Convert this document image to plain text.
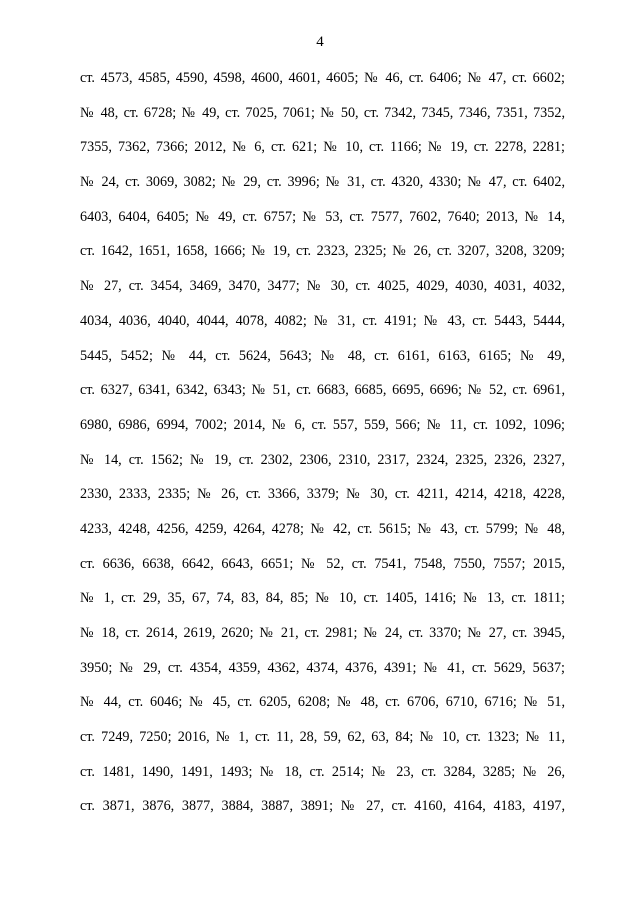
4
ст. 4573, 4585, 4590, 4598, 4600, 4601, 4605; № 46, ст. 6406; № 47, ст. 6602;
№ 48, ст. 6728; № 49, ст. 7025, 7061; № 50, ст. 7342, 7345, 7346, 7351, 7352,
7355, 7362, 7366; 2012, № 6, ст. 621; № 10, ст. 1166; № 19, ст. 2278, 2281;
№ 24, ст. 3069, 3082; № 29, ст. 3996; № 31, ст. 4320, 4330; № 47, ст. 6402,
6403, 6404, 6405; № 49, ст. 6757; № 53, ст. 7577, 7602, 7640; 2013, № 14,
ст. 1642, 1651, 1658, 1666; № 19, ст. 2323, 2325; № 26, ст. 3207, 3208, 3209;
№ 27, ст. 3454, 3469, 3470, 3477; № 30, ст. 4025, 4029, 4030, 4031, 4032,
4034, 4036, 4040, 4044, 4078, 4082; № 31, ст. 4191; № 43, ст. 5443, 5444,
5445, 5452; № 44, ст. 5624, 5643; № 48, ст. 6161, 6163, 6165; № 49,
ст. 6327, 6341, 6342, 6343; № 51, ст. 6683, 6685, 6695, 6696; № 52, ст. 6961,
6980, 6986, 6994, 7002; 2014, № 6, ст. 557, 559, 566; № 11, ст. 1092, 1096;
№ 14, ст. 1562; № 19, ст. 2302, 2306, 2310, 2317, 2324, 2325, 2326, 2327,
2330, 2333, 2335; № 26, ст. 3366, 3379; № 30, ст. 4211, 4214, 4218, 4228,
4233, 4248, 4256, 4259, 4264, 4278; № 42, ст. 5615; № 43, ст. 5799; № 48,
ст. 6636, 6638, 6642, 6643, 6651; № 52, ст. 7541, 7548, 7550, 7557; 2015,
№ 1, ст. 29, 35, 67, 74, 83, 84, 85; № 10, ст. 1405, 1416; № 13, ст. 1811;
№ 18, ст. 2614, 2619, 2620; № 21, ст. 2981; № 24, ст. 3370; № 27, ст. 3945,
3950; № 29, ст. 4354, 4359, 4362, 4374, 4376, 4391; № 41, ст. 5629, 5637;
№ 44, ст. 6046; № 45, ст. 6205, 6208; № 48, ст. 6706, 6710, 6716; № 51,
ст. 7249, 7250; 2016, № 1, ст. 11, 28, 59, 62, 63, 84; № 10, ст. 1323; № 11,
ст. 1481, 1490, 1491, 1493; № 18, ст. 2514; № 23, ст. 3284, 3285; № 26,
ст. 3871, 3876, 3877, 3884, 3887, 3891; № 27, ст. 4160, 4164, 4183, 4197,
